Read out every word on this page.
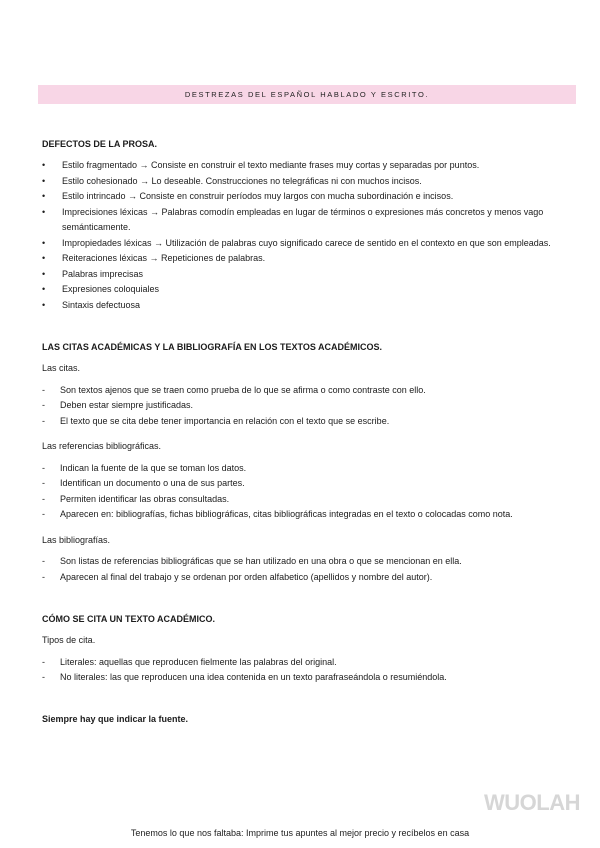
DESTREZAS DEL ESPAÑOL HABLADO Y ESCRITO.
DEFECTOS DE LA PROSA.
• Estilo fragmentado → Consiste en construir el texto mediante frases muy cortas y separadas por puntos.
• Estilo cohesionado → Lo deseable. Construcciones no telegráficas ni con muchos incisos.
• Estilo intrincado → Consiste en construir períodos muy largos con mucha subordinación e incisos.
• Imprecisiones léxicas → Palabras comodín empleadas en lugar de términos o expresiones más concretos y menos vago semánticamente.
• Impropiedades léxicas → Utilización de palabras cuyo significado carece de sentido en el contexto en que son empleadas.
• Reiteraciones léxicas → Repeticiones de palabras.
• Palabras imprecisas
• Expresiones coloquiales
• Sintaxis defectuosa
LAS CITAS ACADÉMICAS Y LA BIBLIOGRAFÍA EN LOS TEXTOS ACADÉMICOS.
Las citas.
- Son textos ajenos que se traen como prueba de lo que se afirma o como contraste con ello.
- Deben estar siempre justificadas.
- El texto que se cita debe tener importancia en relación con el texto que se escribe.
Las referencias bibliográficas.
- Indican la fuente de la que se toman los datos.
- Identifican un documento o una de sus partes.
- Permiten identificar las obras consultadas.
- Aparecen en: bibliografías, fichas bibliográficas, citas bibliográficas integradas en el texto o colocadas como nota.
Las bibliografías.
- Son listas de referencias bibliográficas que se han utilizado en una obra o que se mencionan en ella.
- Aparecen al final del trabajo y se ordenan por orden alfabetico (apellidos y nombre del autor).
CÓMO SE CITA UN TEXTO ACADÉMICO.
Tipos de cita.
- Literales: aquellas que reproducen fielmente las palabras del original.
- No literales: las que reproducen una idea contenida en un texto parafraseándola o resumiéndola.
Siempre hay que indicar la fuente.
WUOLAH
Tenemos lo que nos faltaba: Imprime tus apuntes al mejor precio y recíbelos en casa
